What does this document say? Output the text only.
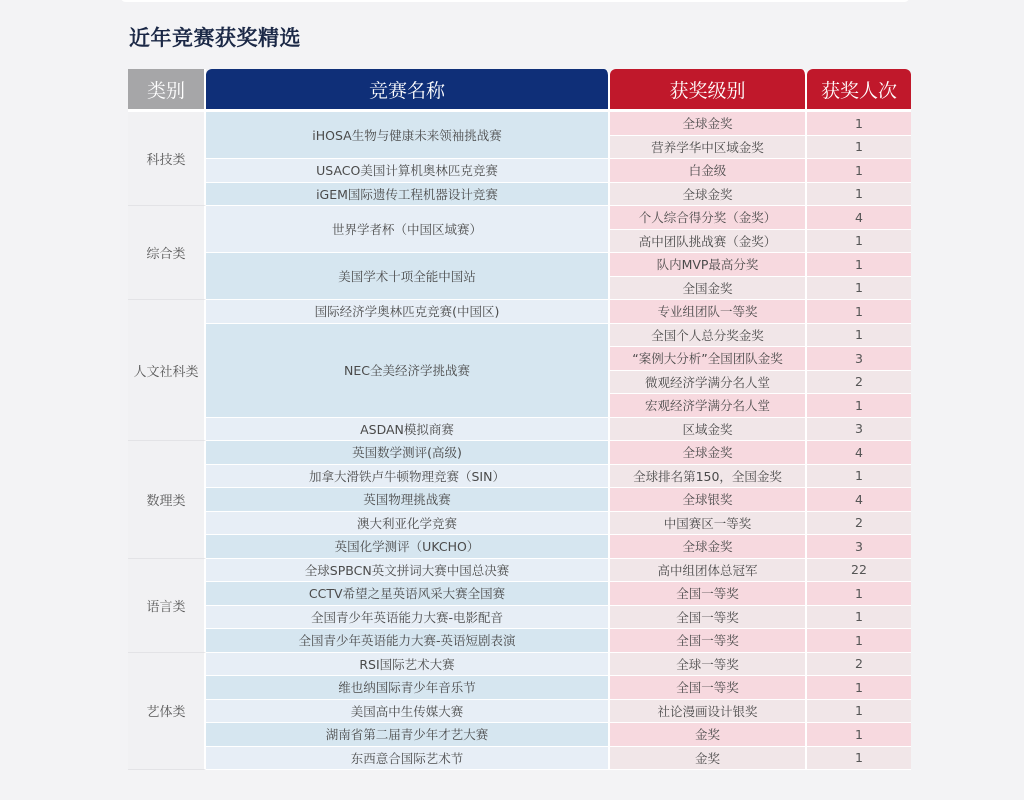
近年竞赛获奖精选
类别	竞赛名称	获奖级别	获奖人次
科技类	iHOSA生物与健康未来领袖挑战赛	全球金奖	1
		营养学华中区域金奖	1
	USACO美国计算机奥林匹克竞赛	白金级	1
	iGEM国际遗传工程机器设计竞赛	全球金奖	1
综合类	世界学者杯（中国区域赛）	个人综合得分奖（金奖）	4
		高中团队挑战赛（金奖）	1
	美国学术十项全能中国站	队内MVP最高分奖	1
		全国金奖	1
人文社科类	国际经济学奥林匹克竞赛(中国区)	专业组团队一等奖	1
	NEC全美经济学挑战赛	全国个人总分奖金奖	1
		“案例大分析”全国团队金奖	3
		微观经济学满分名人堂	2
		宏观经济学满分名人堂	1
	ASDAN模拟商赛	区域金奖	3
数理类	英国数学测评(高级)	全球金奖	4
	加拿大滑铁卢牛顿物理竞赛（SIN）	全球排名第150，全国金奖	1
	英国物理挑战赛	全球银奖	4
	澳大利亚化学竞赛	中国赛区一等奖	2
	英国化学测评（UKCHO）	全球金奖	3
语言类	全球SPBCN英文拼词大赛中国总决赛	高中组团体总冠军	22
	CCTV希望之星英语风采大赛全国赛	全国一等奖	1
	全国青少年英语能力大赛-电影配音	全国一等奖	1
	全国青少年英语能力大赛-英语短剧表演	全国一等奖	1
艺体类	RSI国际艺术大赛	全球一等奖	2
	维也纳国际青少年音乐节	全国一等奖	1
	美国高中生传媒大赛	社论漫画设计银奖	1
	湖南省第二届青少年才艺大赛	金奖	1
	东西意合国际艺术节	金奖	1
